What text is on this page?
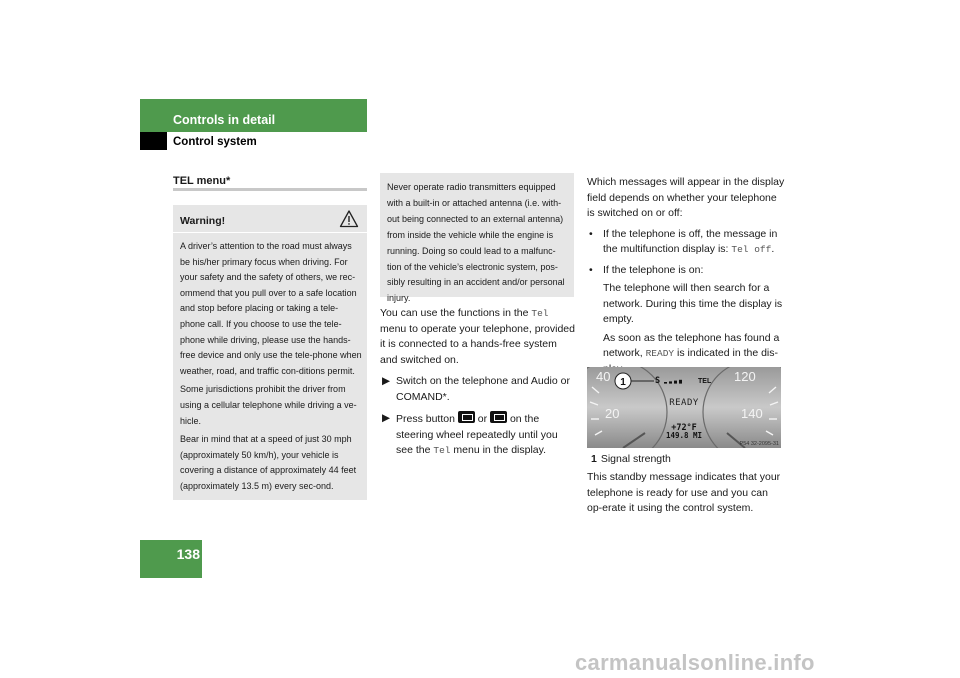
Controls in detail
Control system
138
TEL menu*
Warning!

A driver’s attention to the road must always be his/her primary focus when driving. For your safety and the safety of others, we rec-ommend that you pull over to a safe location and stop before placing or taking a tele-phone call. If you choose to use the tele-phone while driving, please use the hands-free device and only use the tele-phone when weather, road, and traffic con-ditions permit.

Some jurisdictions prohibit the driver from using a cellular telephone while driving a ve-hicle.

Bear in mind that at a speed of just 30 mph (approximately 50 km/h), your vehicle is covering a distance of approximately 44 feet (approximately 13.5 m) every sec-ond.

Never operate radio transmitters equipped with a built-in or attached antenna (i.e. with-out being connected to an external antenna) from inside the vehicle while the engine is running. Doing so could lead to a malfunc-tion of the vehicle’s electronic system, pos-sibly resulting in an accident and/or personal injury.

You can use the functions in the Tel menu to operate your telephone, provided it is connected to a hands-free system and switched on.

▶ Switch on the telephone and Audio or COMAND*.

▶ Press button  or  on the steering wheel repeatedly until you see the Tel menu in the display.

Which messages will appear in the display field depends on whether your telephone is switched on or off:

• If the telephone is off, the message in the multifunction display is: Tel off.

• If the telephone is on:

The telephone will then search for a network. During this time the display is empty.

As soon as the telephone has found a network, READY is indicated in the dis-

1	S	TEL
40
20
120
140
READY
+72°F
149.8 MI
P54 32-2095-31
1 Signal strength
This standby message indicates that your telephone is ready for use and you can op-erate it using the control system.
carmanualsonline.info
